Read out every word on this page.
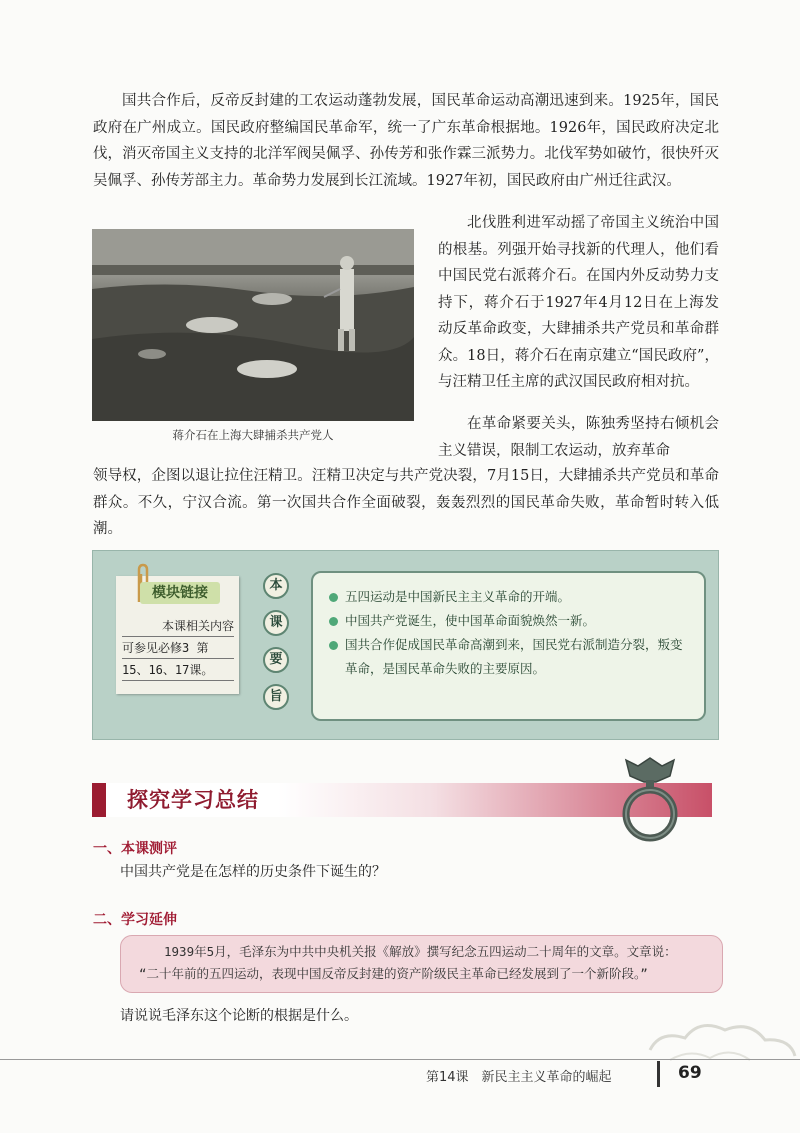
国共合作后，反帝反封建的工农运动蓬勃发展，国民革命运动高潮迅速到来。1925年，国民政府在广州成立。国民政府整编国民革命军，统一了广东革命根据地。1926年，国民政府决定北伐，消灭帝国主义支持的北洋军阀吴佩孚、孙传芳和张作霖三派势力。北伐军势如破竹，很快歼灭吴佩孚、孙传芳部主力。革命势力发展到长江流域。1927年初，国民政府由广州迁往武汉。
蒋介石在上海大肆捕杀共产党人
北伐胜利进军动摇了帝国主义统治中国的根基。列强开始寻找新的代理人，他们看中国民党右派蒋介石。在国内外反动势力支持下，蒋介石于1927年4月12日在上海发动反革命政变，大肆捕杀共产党员和革命群众。18日，蒋介石在南京建立“国民政府”，与汪精卫任主席的武汉国民政府相对抗。
在革命紧要关头，陈独秀坚持右倾机会主义错误，限制工农运动，放弃革命
领导权，企图以退让拉住汪精卫。汪精卫决定与共产党决裂，7月15日，大肆捕杀共产党员和革命群众。不久，宁汉合流。第一次国共合作全面破裂，轰轰烈烈的国民革命失败，革命暂时转入低潮。
模块链接
本课相关内容
可参见必修3 第
15、16、17课。
本
课
要
旨
五四运动是中国新民主主义革命的开端。
中国共产党诞生，使中国革命面貌焕然一新。
国共合作促成国民革命高潮到来，国民党右派制造分裂，叛变革命，是国民革命失败的主要原因。
探究学习总结
一、本课测评
中国共产党是在怎样的历史条件下诞生的？
二、学习延伸
1939年5月，毛泽东为中共中央机关报《解放》撰写纪念五四运动二十周年的文章。文章说：
“二十年前的五四运动，表现中国反帝反封建的资产阶级民主革命已经发展到了一个新阶段。”
请说说毛泽东这个论断的根据是什么。
第14课　新民主主义革命的崛起	69
